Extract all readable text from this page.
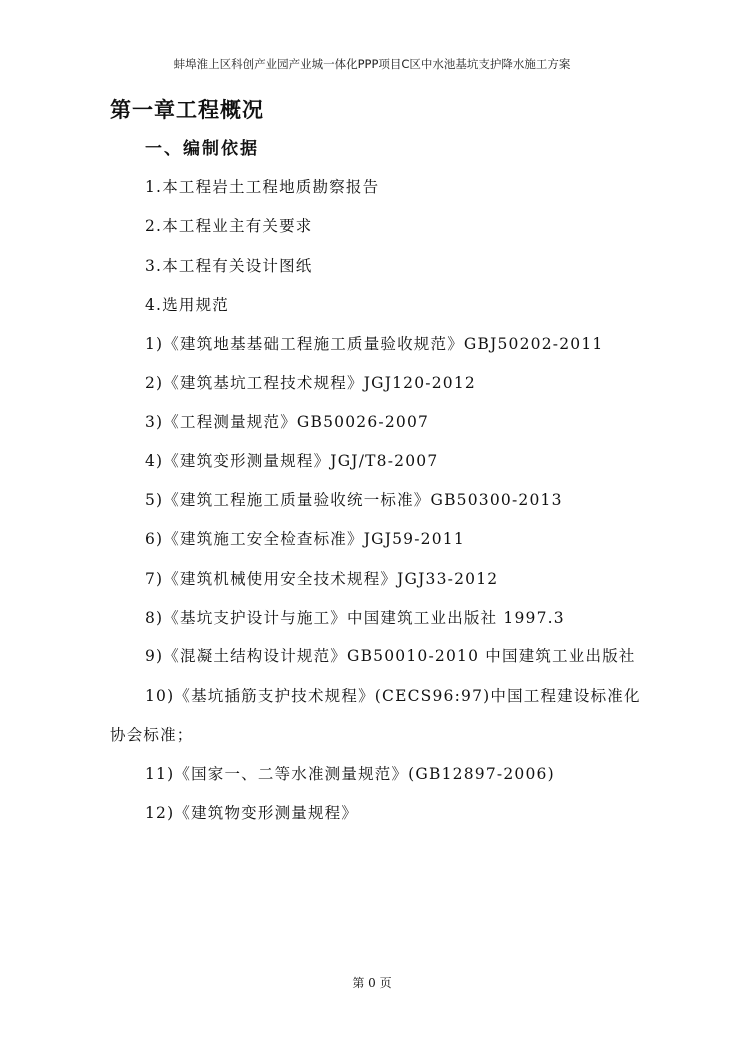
蚌埠淮上区科创产业园产业城一体化PPP项目C区中水池基坑支护降水施工方案
第一章工程概况
一、编制依据
1.本工程岩土工程地质勘察报告
2.本工程业主有关要求
3.本工程有关设计图纸
4.选用规范
1)《建筑地基基础工程施工质量验收规范》GBJ50202-2011
2)《建筑基坑工程技术规程》JGJ120-2012
3)《工程测量规范》GB50026-2007
4)《建筑变形测量规程》JGJ/T8-2007
5)《建筑工程施工质量验收统一标准》GB50300-2013
6)《建筑施工安全检查标准》JGJ59-2011
7)《建筑机械使用安全技术规程》JGJ33-2012
8)《基坑支护设计与施工》中国建筑工业出版社 1997.3
9)《混凝土结构设计规范》GB50010-2010 中国建筑工业出版社
10)《基坑插筋支护技术规程》(CECS96:97)中国工程建设标准化
协会标准；
11)《国家一、二等水准测量规范》(GB12897-2006)
12)《建筑物变形测量规程》
第 0 页
